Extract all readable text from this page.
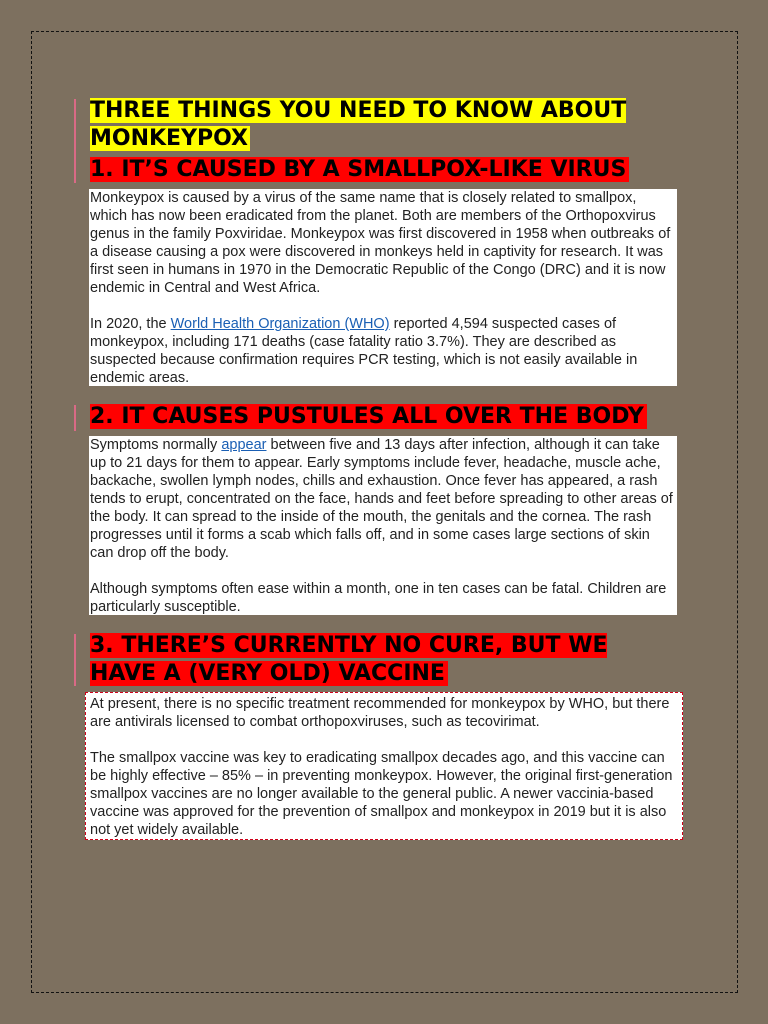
THREE THINGS YOU NEED TO KNOW ABOUT MONKEYPOX
1. IT’S CAUSED BY A SMALLPOX-LIKE VIRUS

Monkeypox is caused by a virus of the same name that is closely related to smallpox, which has now been eradicated from the planet. Both are members of the Orthopoxvirus genus in the family Poxviridae. Monkeypox was first discovered in 1958 when outbreaks of a disease causing a pox were discovered in monkeys held in captivity for research. It was first seen in humans in 1970 in the Democratic Republic of the Congo (DRC) and it is now endemic in Central and West Africa.

In 2020, the World Health Organization (WHO) reported 4,594 suspected cases of monkeypox, including 171 deaths (case fatality ratio 3.7%). They are described as suspected because confirmation requires PCR testing, which is not easily available in endemic areas.

2. IT CAUSES PUSTULES ALL OVER THE BODY

Symptoms normally appear between five and 13 days after infection, although it can take up to 21 days for them to appear. Early symptoms include fever, headache, muscle ache, backache, swollen lymph nodes, chills and exhaustion. Once fever has appeared, a rash tends to erupt, concentrated on the face, hands and feet before spreading to other areas of the body. It can spread to the inside of the mouth, the genitals and the cornea. The rash progresses until it forms a scab which falls off, and in some cases large sections of skin can drop off the body.

Although symptoms often ease within a month, one in ten cases can be fatal. Children are particularly susceptible.

3. THERE’S CURRENTLY NO CURE, BUT WE HAVE A (VERY OLD) VACCINE

At present, there is no specific treatment recommended for monkeypox by WHO, but there are antivirals licensed to combat orthopoxviruses, such as tecovirimat.

The smallpox vaccine was key to eradicating smallpox decades ago, and this vaccine can be highly effective – 85% – in preventing monkeypox. However, the original first-generation smallpox vaccines are no longer available to the general public. A newer vaccinia-based vaccine was approved for the prevention of smallpox and monkeypox in 2019 but it is also not yet widely available.
